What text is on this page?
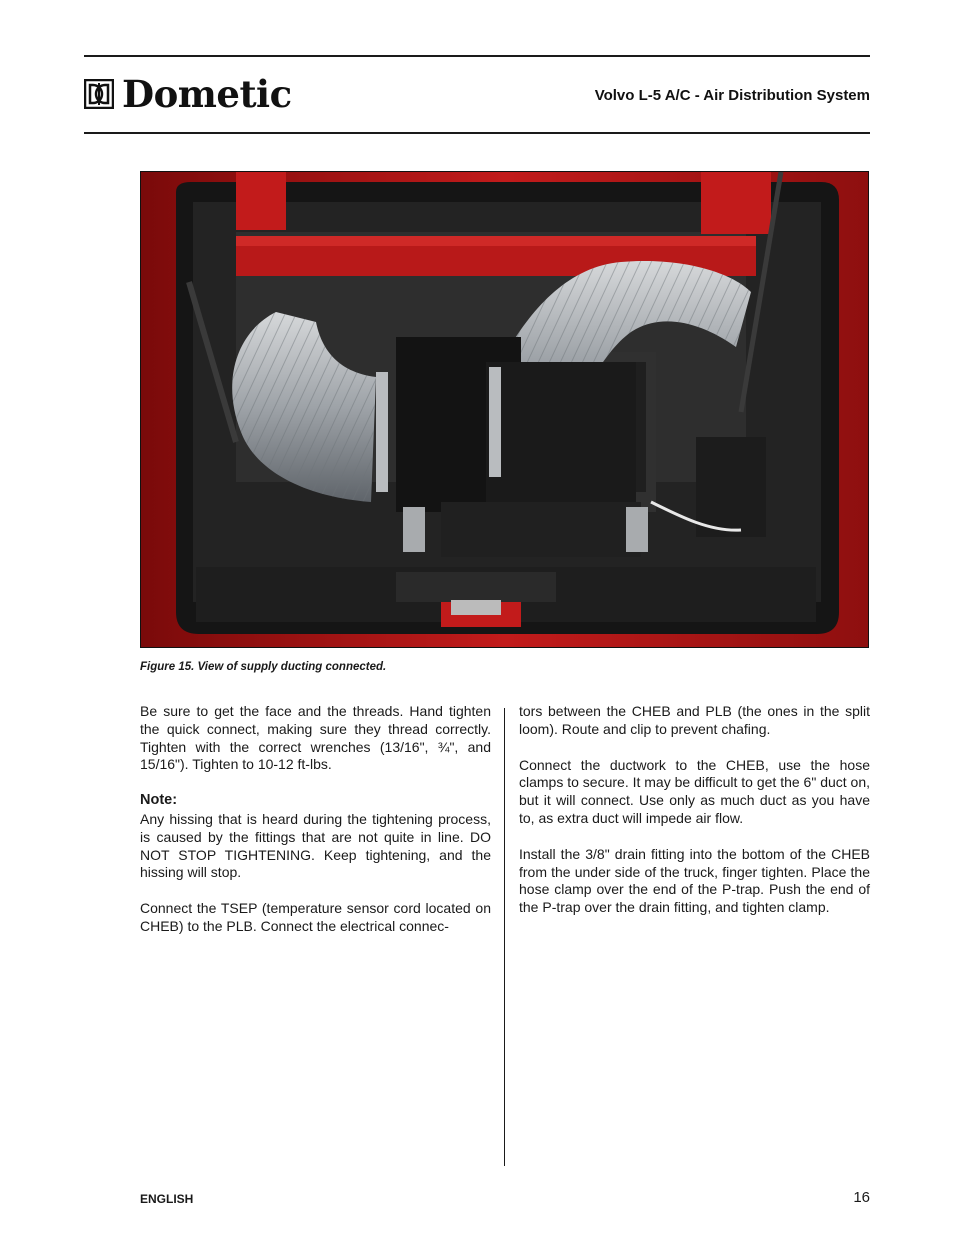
Dometic	Volvo L-5 A/C - Air Distribution System
Figure 15. View of supply ducting connected.

Be sure to get the face and the threads. Hand tighten the quick connect, making sure they thread correctly. Tighten with the correct wrenches (13/16", ¾", and 15/16"). Tighten to 10-12 ft-lbs.

Note:

Any hissing that is heard during the tightening process, is caused by the fittings that are not quite in line. DO NOT STOP TIGHTENING. Keep tightening, and the hissing will stop.

Connect the TSEP (temperature sensor cord located on CHEB) to the PLB. Connect the electrical connec-

tors between the CHEB and PLB (the ones in the split loom). Route and clip to prevent chafing.

Connect the ductwork to the CHEB, use the hose clamps to secure. It may be difficult to get the 6" duct on, but it will connect. Use only as much duct as you have to, as extra duct will impede air flow.

Install the 3/8" drain fitting into the bottom of the CHEB from the under side of the truck, finger tighten. Place the hose clamp over the end of the P-trap. Push the end of the P-trap over the drain fitting, and tighten clamp.

ENGLISH	16
